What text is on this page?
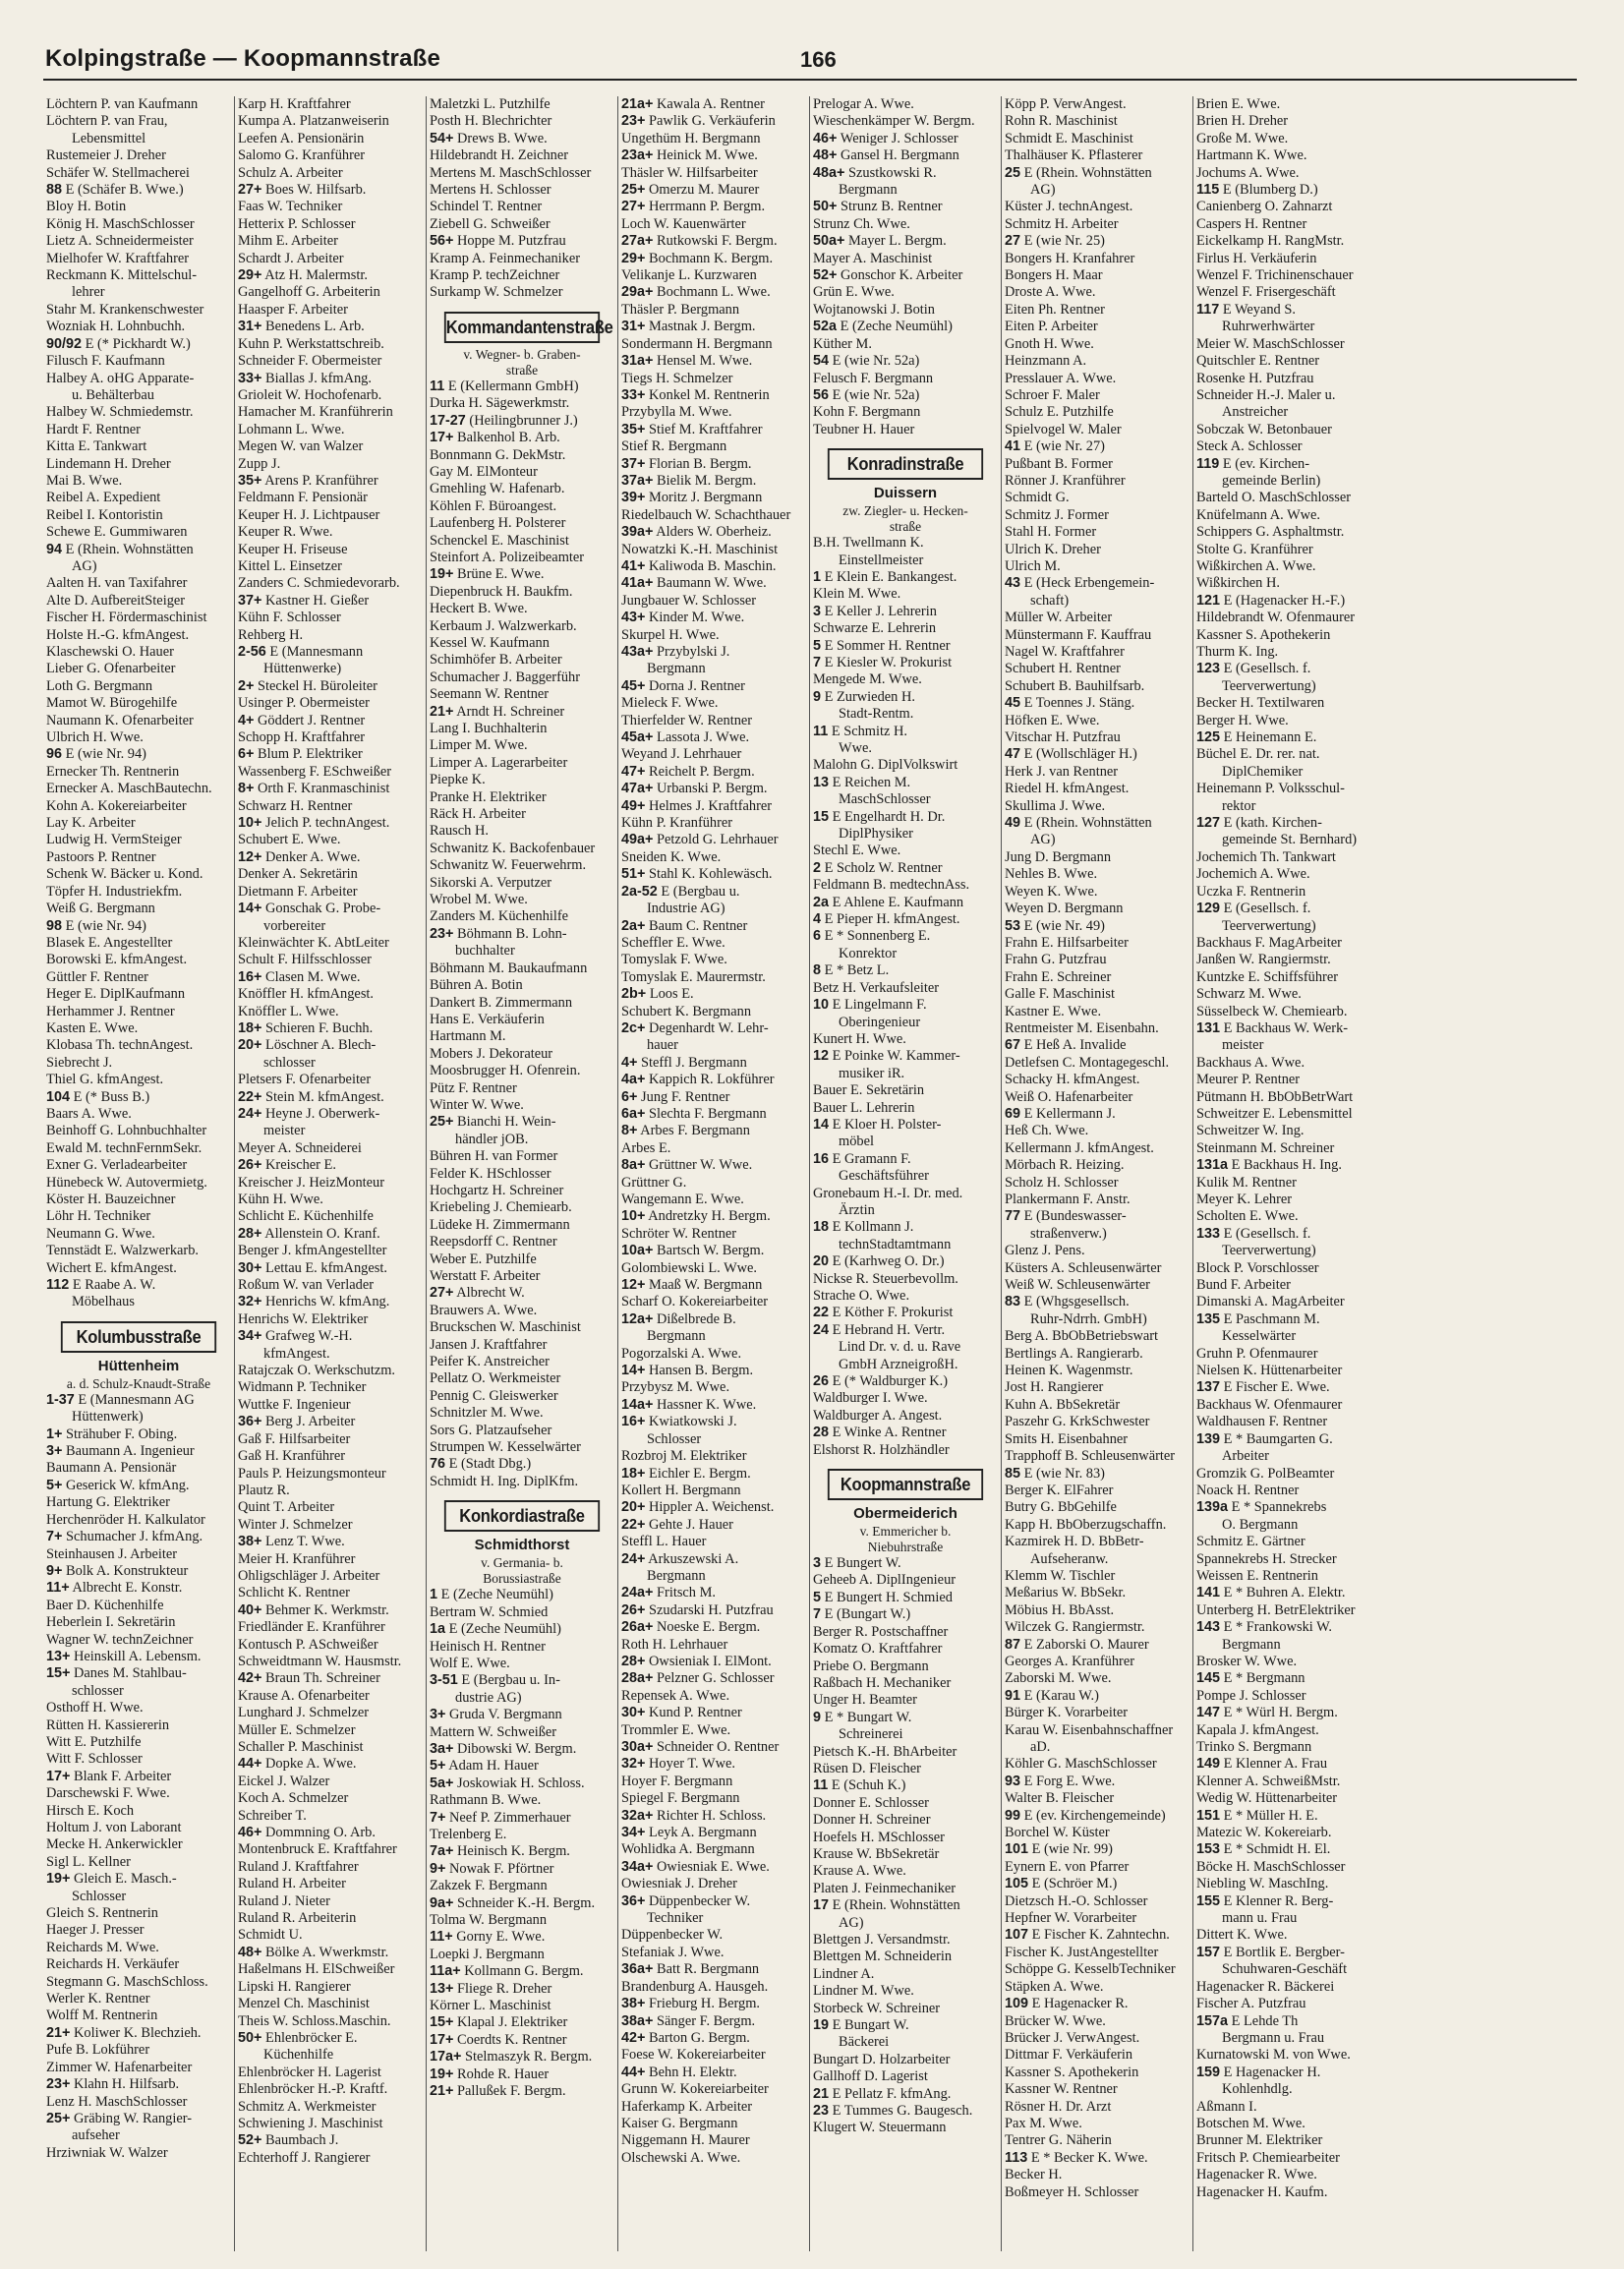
Kolpingstraße — Koopmannstraße	166
Löchtern P. van Kaufmann
Löchtern P. van Frau,
Lebensmittel
Rustemeier J. Dreher
Schäfer W. Stellmacherei
88 E (Schäfer B. Wwe.)
Bloy H. Botin
König H. MaschSchlosser
Lietz A. Schneidermeister
Mielhofer W. Kraftfahrer
Reckmann K. Mittelschul-
lehrer
Stahr M. Krankenschwester
Wozniak H. Lohnbuchh.
90/92 E (* Pickhardt W.)
Filusch F. Kaufmann
Halbey A. oHG Apparate-
u. Behälterbau
Halbey W. Schmiedemstr.
Hardt F. Rentner
Kitta E. Tankwart
Lindemann H. Dreher
Mai B. Wwe.
Reibel A. Expedient
Reibel I. Kontoristin
Schewe E. Gummiwaren
94 E (Rhein. Wohnstätten
AG)
Aalten H. van Taxifahrer
Alte D. AufbereitSteiger
Fischer H. Fördermaschinist
Holste H.-G. kfmAngest.
Klaschewski O. Hauer
Lieber G. Ofenarbeiter
Loth G. Bergmann
Mamot W. Bürogehilfe
Naumann K. Ofenarbeiter
Ulbrich H. Wwe.
96 E (wie Nr. 94)
Ernecker Th. Rentnerin
Ernecker A. MaschBautechn.
Kohn A. Kokereiarbeiter
Lay K. Arbeiter
Ludwig H. VermSteiger
Pastoors P. Rentner
Schenk W. Bäcker u. Kond.
Töpfer H. Industriekfm.
Weiß G. Bergmann
98 E (wie Nr. 94)
Blasek E. Angestellter
Borowski E. kfmAngest.
Güttler F. Rentner
Heger E. DiplKaufmann
Herhammer J. Rentner
Kasten E. Wwe.
Klobasa Th. technAngest.
Siebrecht J.
Thiel G. kfmAngest.
104 E (* Buss B.)
Baars A. Wwe.
Beinhoff G. Lohnbuchhalter
Ewald M. technFernmSekr.
Exner G. Verladearbeiter
Hünebeck W. Autovermietg.
Köster H. Bauzeichner
Löhr H. Techniker
Neumann G. Wwe.
Tennstädt E. Walzwerkarb.
Wichert E. kfmAngest.
112 E Raabe A. W.
Möbelhaus
Kolumbusstraße
Hüttenheim
a. d. Schulz-Knaudt-Straße
1-37 E (Mannesmann AG
Hüttenwerk)
1+ Strähuber F. Obing.
3+ Baumann A. Ingenieur
Baumann A. Pensionär
5+ Geserick W. kfmAng.
Hartung G. Elektriker
Herchenröder H. Kalkulator
7+ Schumacher J. kfmAng.
Steinhausen J. Arbeiter
9+ Bolk A. Konstrukteur
11+ Albrecht E. Konstr.
Baer D. Küchenhilfe
Heberlein I. Sekretärin
Wagner W. technZeichner
13+ Heinskill A. Lebensm.
15+ Danes M. Stahlbau-
schlosser
Osthoff H. Wwe.
Rütten H. Kassiererin
Witt E. Putzhilfe
Witt F. Schlosser
17+ Blank F. Arbeiter
Darschewski F. Wwe.
Hirsch E. Koch
Holtum J. von Laborant
Mecke H. Ankerwickler
Sigl L. Kellner
19+ Gleich E. Masch.-
Schlosser
Gleich S. Rentnerin
Haeger J. Presser
Reichards M. Wwe.
Reichards H. Verkäufer
Stegmann G. MaschSchloss.
Werler K. Rentner
Wolff M. Rentnerin
21+ Koliwer K. Blechzieh.
Pufe B. Lokführer
Zimmer W. Hafenarbeiter
23+ Klahn H. Hilfsarb.
Lenz H. MaschSchlosser
25+ Gräbing W. Rangier-
aufseher
Hrziwniak W. Walzer
Karp H. Kraftfahrer
Kumpa A. Platzanweiserin
Leefen A. Pensionärin
Salomo G. Kranführer
Schulz A. Arbeiter
27+ Boes W. Hilfsarb.
Faas W. Techniker
Hetterix P. Schlosser
Mihm E. Arbeiter
Schardt J. Arbeiter
29+ Atz H. Malermstr.
Gangelhoff G. Arbeiterin
Haasper F. Arbeiter
31+ Benedens L. Arb.
Kuhn P. Werkstattschreib.
Schneider F. Obermeister
33+ Biallas J. kfmAng.
Grioleit W. Hochofenarb.
Hamacher M. Kranführerin
Lohmann L. Wwe.
Megen W. van Walzer
Zupp J.
35+ Arens P. Kranführer
Feldmann F. Pensionär
Keuper H. J. Lichtpauser
Keuper R. Wwe.
Keuper H. Friseuse
Kittel L. Einsetzer
Zanders C. Schmiedevorarb.
37+ Kastner H. Gießer
Kühn F. Schlosser
Rehberg H.
2-56 E (Mannesmann
Hüttenwerke)
2+ Steckel H. Büroleiter
Usinger P. Obermeister
4+ Göddert J. Rentner
Schopp H. Kraftfahrer
6+ Blum P. Elektriker
Wassenberg F. ESchweißer
8+ Orth F. Kranmaschinist
Schwarz H. Rentner
10+ Jelich P. technAngest.
Schubert E. Wwe.
12+ Denker A. Wwe.
Denker A. Sekretärin
Dietmann F. Arbeiter
14+ Gonschak G. Probe-
vorbereiter
Kleinwächter K. AbtLeiter
Schult F. Hilfsschlosser
16+ Clasen M. Wwe.
Knöffler H. kfmAngest.
Knöffler L. Wwe.
18+ Schieren F. Buchh.
20+ Löschner A. Blech-
schlosser
Pletsers F. Ofenarbeiter
22+ Stein M. kfmAngest.
24+ Heyne J. Oberwerk-
meister
Meyer A. Schneiderei
26+ Kreischer E.
Kreischer J. HeizMonteur
Kühn H. Wwe.
Schlicht E. Küchenhilfe
28+ Allenstein O. Kranf.
Benger J. kfmAngestellter
30+ Lettau E. kfmAngest.
Roßum W. van Verlader
32+ Henrichs W. kfmAng.
Henrichs W. Elektriker
34+ Grafweg W.-H.
kfmAngest.
Ratajczak O. Werkschutzm.
Widmann P. Techniker
Wuttke F. Ingenieur
36+ Berg J. Arbeiter
Gaß F. Hilfsarbeiter
Gaß H. Kranführer
Pauls P. Heizungsmonteur
Plautz R.
Quint T. Arbeiter
Winter J. Schmelzer
38+ Lenz T. Wwe.
Meier H. Kranführer
Ohligschläger J. Arbeiter
Schlicht K. Rentner
40+ Behmer K. Werkmstr.
Friedländer E. Kranführer
Kontusch P. ASchweißer
Schweidtmann W. Hausmstr.
42+ Braun Th. Schreiner
Krause A. Ofenarbeiter
Lunghard J. Schmelzer
Müller E. Schmelzer
Schaller P. Maschinist
44+ Dopke A. Wwe.
Eickel J. Walzer
Koch A. Schmelzer
Schreiber T.
46+ Dommning O. Arb.
Montenbruck E. Kraftfahrer
Ruland J. Kraftfahrer
Ruland H. Arbeiter
Ruland J. Nieter
Ruland R. Arbeiterin
Schmidt U.
48+ Bölke A. Wwerkmstr.
Haßelmans H. ElSchweißer
Lipski H. Rangierer
Menzel Ch. Maschinist
Theis W. Schloss.Maschin.
50+ Ehlenbröcker E.
Küchenhilfe
Ehlenbröcker H. Lagerist
Ehlenbröcker H.-P. Kraftf.
Schmitz A. Werkmeister
Schwiening J. Maschinist
52+ Baumbach J.
Echterhoff J. Rangierer
Maletzki L. Putzhilfe
Posth H. Blechrichter
54+ Drews B. Wwe.
Hildebrandt H. Zeichner
Mertens M. MaschSchlosser
Mertens H. Schlosser
Schindel T. Rentner
Ziebell G. Schweißer
56+ Hoppe M. Putzfrau
Kramp A. Feinmechaniker
Kramp P. techZeichner
Surkamp W. Schmelzer
Kommandantenstraße
v. Wegner- b. Graben-
straße
11 E (Kellermann GmbH)
Durka H. Sägewerkmstr.
17-27 (Heilingbrunner J.)
17+ Balkenhol B. Arb.
Bonnmann G. DekMstr.
Gay M. ElMonteur
Gmehling W. Hafenarb.
Köhlen F. Büroangest.
Laufenberg H. Polsterer
Schenckel E. Maschinist
Steinfort A. Polizeibeamter
19+ Brüne E. Wwe.
Diepenbruck H. Baukfm.
Heckert B. Wwe.
Kerbaum J. Walzwerkarb.
Kessel W. Kaufmann
Schimhöfer B. Arbeiter
Schumacher J. Baggerführ
Seemann W. Rentner
21+ Arndt H. Schreiner
Lang I. Buchhalterin
Limper M. Wwe.
Limper A. Lagerarbeiter
Piepke K.
Pranke H. Elektriker
Räck H. Arbeiter
Rausch H.
Schwanitz K. Backofenbauer
Schwanitz W. Feuerwehrm.
Sikorski A. Verputzer
Wrobel M. Wwe.
Zanders M. Küchenhilfe
23+ Böhmann B. Lohn-
buchhalter
Böhmann M. Baukaufmann
Bühren A. Botin
Dankert B. Zimmermann
Hans E. Verkäuferin
Hartmann M.
Mobers J. Dekorateur
Moosbrugger H. Ofenrein.
Pütz F. Rentner
Winter W. Wwe.
25+ Bianchi H. Wein-
händler jOB.
Bühren H. van Former
Felder K. HSchlosser
Hochgartz H. Schreiner
Kriebeling J. Chemiearb.
Lüdeke H. Zimmermann
Reepsdorff C. Rentner
Weber E. Putzhilfe
Werstatt F. Arbeiter
27+ Albrecht W.
Brauwers A. Wwe.
Bruckschen W. Maschinist
Jansen J. Kraftfahrer
Peifer K. Anstreicher
Pellatz O. Werkmeister
Pennig C. Gleiswerker
Schnitzler M. Wwe.
Sors G. Platzaufseher
Strumpen W. Kesselwärter
76 E (Stadt Dbg.)
Schmidt H. Ing. DiplKfm.
Konkordiastraße
Schmidthorst
v. Germania- b.
Borussiastraße
1 E (Zeche Neumühl)
Bertram W. Schmied
1a E (Zeche Neumühl)
Heinisch H. Rentner
Wolf E. Wwe.
3-51 E (Bergbau u. In-
dustrie AG)
3+ Gruda V. Bergmann
Mattern W. Schweißer
3a+ Dibowski W. Bergm.
5+ Adam H. Hauer
5a+ Joskowiak H. Schloss.
Rathmann B. Wwe.
7+ Neef P. Zimmerhauer
Trelenberg E.
7a+ Heinisch K. Bergm.
9+ Nowak F. Pförtner
Zakzek F. Bergmann
9a+ Schneider K.-H. Bergm.
Tolma W. Bergmann
11+ Gorny E. Wwe.
Loepki J. Bergmann
11a+ Kollmann G. Bergm.
13+ Fliege R. Dreher
Körner L. Maschinist
15+ Klapal J. Elektriker
17+ Coerdts K. Rentner
17a+ Stelmaszyk R. Bergm.
19+ Rohde R. Hauer
21+ Pallußek F. Bergm.
21a+ Kawala A. Rentner
23+ Pawlik G. Verkäuferin
Ungethüm H. Bergmann
23a+ Heinick M. Wwe.
Thäsler W. Hilfsarbeiter
25+ Omerzu M. Maurer
27+ Herrmann P. Bergm.
Loch W. Kauenwärter
27a+ Rutkowski F. Bergm.
29+ Bochmann K. Bergm.
Velikanje L. Kurzwaren
29a+ Bochmann L. Wwe.
Thäsler P. Bergmann
31+ Mastnak J. Bergm.
Sondermann H. Bergmann
31a+ Hensel M. Wwe.
Tiegs H. Schmelzer
33+ Konkel M. Rentnerin
Przybylla M. Wwe.
35+ Stief M. Kraftfahrer
Stief R. Bergmann
37+ Florian B. Bergm.
37a+ Bielik M. Bergm.
39+ Moritz J. Bergmann
Riedelbauch W. Schachthauer
39a+ Alders W. Oberheiz.
Nowatzki K.-H. Maschinist
41+ Kaliwoda B. Maschin.
41a+ Baumann W. Wwe.
Jungbauer W. Schlosser
43+ Kinder M. Wwe.
Skurpel H. Wwe.
43a+ Przybylski J.
Bergmann
45+ Dorna J. Rentner
Mieleck F. Wwe.
Thierfelder W. Rentner
45a+ Lassota J. Wwe.
Weyand J. Lehrhauer
47+ Reichelt P. Bergm.
47a+ Urbanski P. Bergm.
49+ Helmes J. Kraftfahrer
Kühn P. Kranführer
49a+ Petzold G. Lehrhauer
Sneiden K. Wwe.
51+ Stahl K. Kohlewäsch.
2a-52 E (Bergbau u.
Industrie AG)
2a+ Baum C. Rentner
Scheffler E. Wwe.
Tomyslak F. Wwe.
Tomyslak E. Maurermstr.
2b+ Loos E.
Schubert K. Bergmann
2c+ Degenhardt W. Lehr-
hauer
4+ Steffl J. Bergmann
4a+ Kappich R. Lokführer
6+ Jung F. Rentner
6a+ Slechta F. Bergmann
8+ Arbes F. Bergmann
Arbes E.
8a+ Grüttner W. Wwe.
Grüttner G.
Wangemann E. Wwe.
10+ Andretzky H. Bergm.
Schröter W. Rentner
10a+ Bartsch W. Bergm.
Golombiewski L. Wwe.
12+ Maaß W. Bergmann
Scharf O. Kokereiarbeiter
12a+ Dißelbrede B.
Bergmann
Pogorzalski A. Wwe.
14+ Hansen B. Bergm.
Przybysz M. Wwe.
14a+ Hassner K. Wwe.
16+ Kwiatkowski J.
Schlosser
Rozbroj M. Elektriker
18+ Eichler E. Bergm.
Kollert H. Bergmann
20+ Hippler A. Weichenst.
22+ Gehte J. Hauer
Steffl L. Hauer
24+ Arkuszewski A.
Bergmann
24a+ Fritsch M.
26+ Szudarski H. Putzfrau
26a+ Noeske E. Bergm.
Roth H. Lehrhauer
28+ Owsieniak I. ElMont.
28a+ Pelzner G. Schlosser
Repensek A. Wwe.
30+ Kund P. Rentner
Trommler E. Wwe.
30a+ Schneider O. Rentner
32+ Hoyer T. Wwe.
Hoyer F. Bergmann
Spiegel F. Bergmann
32a+ Richter H. Schloss.
34+ Leyk A. Bergmann
Wohlidka A. Bergmann
34a+ Owiesniak E. Wwe.
Owiesniak J. Dreher
36+ Düppenbecker W.
Techniker
Düppenbecker W.
Stefaniak J. Wwe.
36a+ Batt R. Bergmann
Brandenburg A. Hausgeh.
38+ Frieburg H. Bergm.
38a+ Sänger F. Bergm.
42+ Barton G. Bergm.
Foese W. Kokereiarbeiter
44+ Behn H. Elektr.
Grunn W. Kokereiarbeiter
Haferkamp K. Arbeiter
Kaiser G. Bergmann
Niggemann H. Maurer
Olschewski A. Wwe.
Prelogar A. Wwe.
Wieschenkämper W. Bergm.
46+ Weniger J. Schlosser
48+ Gansel H. Bergmann
48a+ Szustkowski R.
Bergmann
50+ Strunz B. Rentner
Strunz Ch. Wwe.
50a+ Mayer L. Bergm.
Mayer A. Maschinist
52+ Gonschor K. Arbeiter
Grün E. Wwe.
Wojtanowski J. Botin
52a E (Zeche Neumühl)
Küther M.
54 E (wie Nr. 52a)
Felusch F. Bergmann
56 E (wie Nr. 52a)
Kohn F. Bergmann
Teubner H. Hauer
Konradinstraße
Duissern
zw. Ziegler- u. Hecken-
straße
B.H. Twellmann K.
Einstellmeister
1 E Klein E. Bankangest.
Klein M. Wwe.
3 E Keller J. Lehrerin
Schwarze E. Lehrerin
5 E Sommer H. Rentner
7 E Kiesler W. Prokurist
Mengede M. Wwe.
9 E Zurwieden H.
Stadt-Rentm.
11 E Schmitz H.
Wwe.
Malohn G. DiplVolkswirt
13 E Reichen M.
MaschSchlosser
15 E Engelhardt H. Dr.
DiplPhysiker
Stechl E. Wwe.
2 E Scholz W. Rentner
Feldmann B. medtechnAss.
2a E Ahlene E. Kaufmann
4 E Pieper H. kfmAngest.
6 E * Sonnenberg E.
Konrektor
8 E * Betz L.
Betz H. Verkaufsleiter
10 E Lingelmann F.
Oberingenieur
Kunert H. Wwe.
12 E Poinke W. Kammer-
musiker iR.
Bauer E. Sekretärin
Bauer L. Lehrerin
14 E Kloer H. Polster-
möbel
16 E Gramann F.
Geschäftsführer
Gronebaum H.-I. Dr. med.
Ärztin
18 E Kollmann J.
technStadtamtmann
20 E (Karhweg O. Dr.)
Nickse R. Steuerbevollm.
Strache O. Wwe.
22 E Köther F. Prokurist
24 E Hebrand H. Vertr.
Lind Dr. v. d. u. Rave
GmbH ArzneigroßH.
26 E (* Waldburger K.)
Waldburger I. Wwe.
Waldburger A. Angest.
28 E Winke A. Rentner
Elshorst R. Holzhändler
Koopmannstraße
Obermeiderich
v. Emmericher b.
Niebuhrstraße
3 E Bungert W.
Geheeb A. DiplIngenieur
5 E Bungert H. Schmied
7 E (Bungart W.)
Berger R. Postschaffner
Komatz O. Kraftfahrer
Priebe O. Bergmann
Raßbach H. Mechaniker
Unger H. Beamter
9 E * Bungart W.
Schreinerei
Pietsch K.-H. BhArbeiter
Rüsen D. Fleischer
11 E (Schuh K.)
Donner E. Schlosser
Donner H. Schreiner
Hoefels H. MSchlosser
Krause W. BbSekretär
Krause A. Wwe.
Platen J. Feinmechaniker
17 E (Rhein. Wohnstätten
AG)
Blettgen J. Versandmstr.
Blettgen M. Schneiderin
Lindner A.
Lindner M. Wwe.
Storbeck W. Schreiner
19 E Bungart W.
Bäckerei
Bungart D. Holzarbeiter
Gallhoff D. Lagerist
21 E Pellatz F. kfmAng.
23 E Tummes G. Baugesch.
Klugert W. Steuermann
Köpp P. VerwAngest.
Rohn R. Maschinist
Schmidt E. Maschinist
Thalhäuser K. Pflasterer
25 E (Rhein. Wohnstätten
AG)
Küster J. technAngest.
Schmitz H. Arbeiter
27 E (wie Nr. 25)
Bongers H. Kranfahrer
Bongers H. Maar
Droste A. Wwe.
Eiten Ph. Rentner
Eiten P. Arbeiter
Gnoth H. Wwe.
Heinzmann A.
Presslauer A. Wwe.
Schroer F. Maler
Schulz E. Putzhilfe
Spielvogel W. Maler
41 E (wie Nr. 27)
Pußbant B. Former
Rönner J. Kranführer
Schmidt G.
Schmitz J. Former
Stahl H. Former
Ulrich K. Dreher
Ulrich M.
43 E (Heck Erbengemein-
schaft)
Müller W. Arbeiter
Münstermann F. Kauffrau
Nagel W. Kraftfahrer
Schubert H. Rentner
Schubert B. Bauhilfsarb.
45 E Toennes J. Stäng.
Höfken E. Wwe.
Vitschar H. Putzfrau
47 E (Wollschläger H.)
Herk J. van Rentner
Riedel H. kfmAngest.
Skullima J. Wwe.
49 E (Rhein. Wohnstätten
AG)
Jung D. Bergmann
Nehles B. Wwe.
Weyen K. Wwe.
Weyen D. Bergmann
53 E (wie Nr. 49)
Frahn E. Hilfsarbeiter
Frahn G. Putzfrau
Frahn E. Schreiner
Galle F. Maschinist
Kastner E. Wwe.
Rentmeister M. Eisenbahn.
67 E Heß A. Invalide
Detlefsen C. Montagegeschl.
Schacky H. kfmAngest.
Weiß O. Hafenarbeiter
69 E Kellermann J.
Heß Ch. Wwe.
Kellermann J. kfmAngest.
Mörbach R. Heizing.
Scholz H. Schlosser
Plankermann F. Anstr.
77 E (Bundeswasser-
straßenverw.)
Glenz J. Pens.
Küsters A. Schleusenwärter
Weiß W. Schleusenwärter
83 E (Whgsgesellsch.
Ruhr-Ndrrh. GmbH)
Berg A. BbObBetriebswart
Bertlings A. Rangierarb.
Heinen K. Wagenmstr.
Jost H. Rangierer
Kuhn A. BbSekretär
Paszehr G. KrkSchwester
Smits H. Eisenbahner
Trapphoff B. Schleusenwärter
85 E (wie Nr. 83)
Berger K. ElFahrer
Butry G. BbGehilfe
Kapp H. BbOberzugschaffn.
Kazmirek H. D. BbBetr-
Aufseheranw.
Klemm W. Tischler
Meßarius W. BbSekr.
Möbius H. BbAsst.
Wilczek G. Rangiermstr.
87 E Zaborski O. Maurer
Georges A. Kranführer
Zaborski M. Wwe.
91 E (Karau W.)
Bürger K. Vorarbeiter
Karau W. Eisenbahnschaffner
aD.
Köhler G. MaschSchlosser
93 E Forg E. Wwe.
Walter B. Fleischer
99 E (ev. Kirchengemeinde)
Borchel W. Küster
101 E (wie Nr. 99)
Eynern E. von Pfarrer
105 E (Schröer M.)
Dietzsch H.-O. Schlosser
Hepfner W. Vorarbeiter
107 E Fischer K. Zahntechn.
Fischer K. JustAngestellter
Schöppe G. KesselbTechniker
Stäpken A. Wwe.
109 E Hagenacker R.
Brücker W. Wwe.
Brücker J. VerwAngest.
Dittmar F. Verkäuferin
Kassner S. Apothekerin
Kassner W. Rentner
Rösner H. Dr. Arzt
Pax M. Wwe.
Tentrer G. Näherin
113 E * Becker K. Wwe.
Becker H.
Boßmeyer H. Schlosser
Brien E. Wwe.
Brien H. Dreher
Große M. Wwe.
Hartmann K. Wwe.
Jochums A. Wwe.
115 E (Blumberg D.)
Canienberg O. Zahnarzt
Caspers H. Rentner
Eickelkamp H. RangMstr.
Firlus H. Verkäuferin
Wenzel F. Trichinenschauer
Wenzel F. Frisergeschäft
117 E Weyand S.
Ruhrwerhwärter
Meier W. MaschSchlosser
Quitschler E. Rentner
Rosenke H. Putzfrau
Schneider H.-J. Maler u.
Anstreicher
Sobczak W. Betonbauer
Steck A. Schlosser
119 E (ev. Kirchen-
gemeinde Berlin)
Barteld O. MaschSchlosser
Knüfelmann A. Wwe.
Schippers G. Asphaltmstr.
Stolte G. Kranführer
Wißkirchen A. Wwe.
Wißkirchen H.
121 E (Hagenacker H.-F.)
Hildebrandt W. Ofenmaurer
Kassner S. Apothekerin
Thurm K. Ing.
123 E (Gesellsch. f.
Teerverwertung)
Becker H. Textilwaren
Berger H. Wwe.
125 E Heinemann E.
Büchel E. Dr. rer. nat.
DiplChemiker
Heinemann P. Volksschul-
rektor
127 E (kath. Kirchen-
gemeinde St. Bernhard)
Jochemich Th. Tankwart
Jochemich A. Wwe.
Uczka F. Rentnerin
129 E (Gesellsch. f.
Teerverwertung)
Backhaus F. MagArbeiter
Janßen W. Rangiermstr.
Kuntzke E. Schiffsführer
Schwarz M. Wwe.
Süsselbeck W. Chemiearb.
131 E Backhaus W. Werk-
meister
Backhaus A. Wwe.
Meurer P. Rentner
Pütmann H. BbObBetrWart
Schweitzer E. Lebensmittel
Schweitzer W. Ing.
Steinmann M. Schreiner
131a E Backhaus H. Ing.
Kulik M. Rentner
Meyer K. Lehrer
Scholten E. Wwe.
133 E (Gesellsch. f.
Teerverwertung)
Block P. Vorschlosser
Bund F. Arbeiter
Dimanski A. MagArbeiter
135 E Paschmann M.
Kesselwärter
Gruhn P. Ofenmaurer
Nielsen K. Hüttenarbeiter
137 E Fischer E. Wwe.
Backhaus W. Ofenmaurer
Waldhausen F. Rentner
139 E * Baumgarten G.
Arbeiter
Gromzik G. PolBeamter
Noack H. Rentner
139a E * Spannekrebs
O. Bergmann
Schmitz E. Gärtner
Spannekrebs H. Strecker
Weissen E. Rentnerin
141 E * Buhren A. Elektr.
Unterberg H. BetrElektriker
143 E * Frankowski W.
Bergmann
Brosker W. Wwe.
145 E * Bergmann
Pompe J. Schlosser
147 E * Würl H. Bergm.
Kapala J. kfmAngest.
Trinko S. Bergmann
149 E Klenner A. Frau
Klenner A. SchweißMstr.
Wedig W. Hüttenarbeiter
151 E * Müller H. E.
Matezic W. Kokereiarb.
153 E * Schmidt H. El.
Böcke H. MaschSchlosser
Niebling W. MaschIng.
155 E Klenner R. Berg-
mann u. Frau
Dittert K. Wwe.
157 E Bortlik E. Bergber-
Schuhwaren-Geschäft
Hagenacker R. Bäckerei
Fischer A. Putzfrau
157a E Lehde Th
Bergmann u. Frau
Kurnatowski M. von Wwe.
159 E Hagenacker H.
Kohlenhdlg.
Aßmann I.
Botschen M. Wwe.
Brunner M. Elektriker
Fritsch P. Chemiearbeiter
Hagenacker R. Wwe.
Hagenacker H. Kaufm.
